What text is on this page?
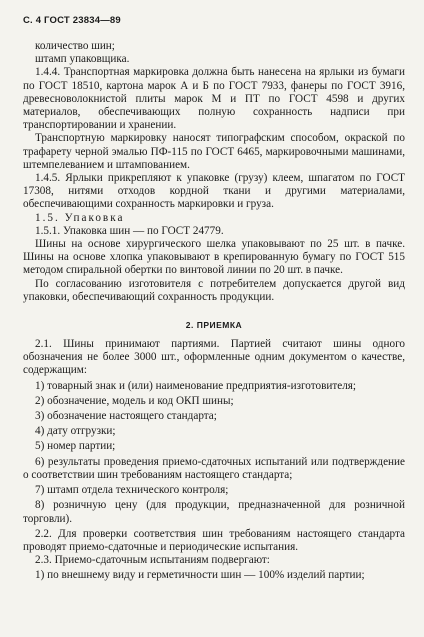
С. 4 ГОСТ 23834—89

количество шин;

штамп упаковщика.

1.4.4. Транспортная маркировка должна быть нанесена на ярлыки из бумаги по ГОСТ 18510, картона марок А и Б по ГОСТ 7933, фанеры по ГОСТ 3916, древесноволокнистой плиты марок М и ПТ по ГОСТ 4598 и других материалов, обеспечивающих полную сохранность надписи при транспортировании и хранении.

Транспортную маркировку наносят типографским способом, окраской по трафарету черной эмалью ПФ-115 по ГОСТ 6465, маркировочными машинами, штемпелеванием и штампованием.

1.4.5. Ярлыки прикрепляют к упаковке (грузу) клеем, шпагатом по ГОСТ 17308, нитями отходов кордной ткани и другими материалами, обеспечивающими сохранность маркировки и груза.

1.5. Упаковка

1.5.1. Упаковка шин — по ГОСТ 24779.

Шины на основе хирургического шелка упаковывают по 25 шт. в пачке. Шины на основе хлопка упаковывают в крепированную бумагу по ГОСТ 515 методом спиральной обертки по винтовой линии по 20 шт. в пачке.

По согласованию изготовителя с потребителем допускается другой вид упаковки, обеспечивающий сохранность продукции.

2. ПРИЕМКА

2.1. Шины принимают партиями. Партией считают шины одного обозначения не более 3000 шт., оформленные одним документом о качестве, содержащим:

1) товарный знак и (или) наименование предприятия-изготовителя;

2) обозначение, модель и код ОКП шины;

3) обозначение настоящего стандарта;

4) дату отгрузки;

5) номер партии;

6) результаты проведения приемо-сдаточных испытаний или подтверждение о соответствии шин требованиям настоящего стандарта;

7) штамп отдела технического контроля;

8) розничную цену (для продукции, предназначенной для розничной торговли).

2.2. Для проверки соответствия шин требованиям настоящего стандарта проводят приемо-сдаточные и периодические испытания.

2.3. Приемо-сдаточным испытаниям подвергают:

1) по внешнему виду и герметичности шин — 100% изделий партии;
